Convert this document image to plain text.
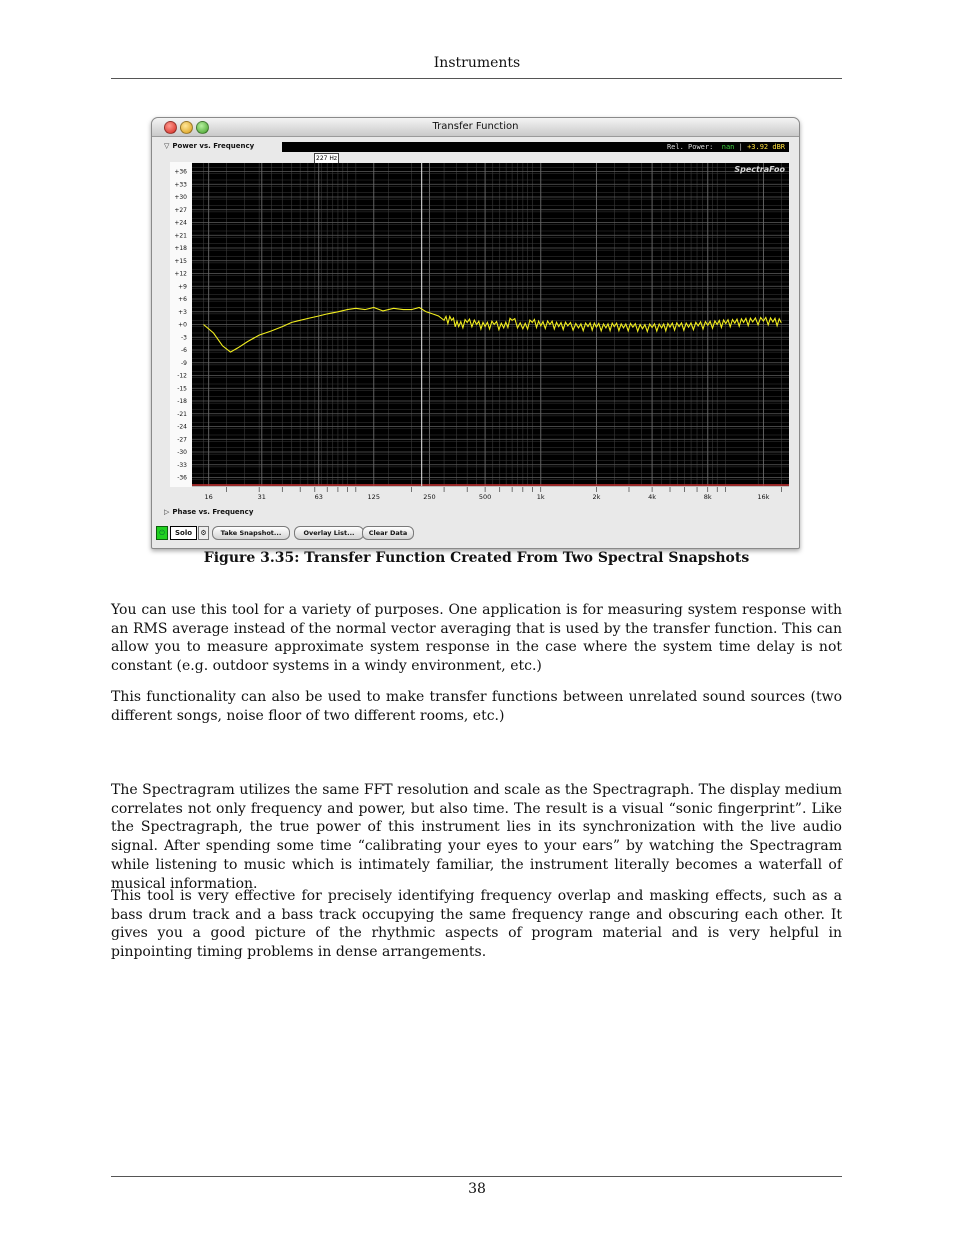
Instruments
Transfer Function
▽ Power vs. Frequency	Rel. Power: nan | +3.92 dBR
227 Hz
+36
+33
+30
+27
+24
+21
+18
+15
+12
+9
+6
+3
+0
-3
-6
-9
-12
-15
-18
-21
-24
-27
-30
-33
-36
16	31	63	125	250	500	1k	2k	4k	8k	16k
SpectraFoo
▷ Phase vs. Frequency
⏻	Solo	⚙	Take Snapshot...	Overlay List...	Clear Data
Figure 3.35: Transfer Function Created From Two Spectral Snapshots

You can use this tool for a variety of purposes. One application is for measuring system response with an RMS average instead of the normal vector averaging that is used by the transfer function. This can allow you to measure approximate system response in the case where the system time delay is not constant (e.g. outdoor systems in a windy environment, etc.)

This functionality can also be used to make transfer functions between unrelated sound sources (two different songs, noise floor of two different rooms, etc.)

The Spectragram utilizes the same FFT resolution and scale as the Spectragraph. The display medium correlates not only frequency and power, but also time. The result is a visual “sonic fingerprint”. Like the Spectragraph, the true power of this instrument lies in its synchronization with the live audio signal. After spending some time “calibrating your eyes to your ears” by watching the Spectragram while listening to music which is intimately familiar, the instrument literally becomes a waterfall of musical information.

This tool is very effective for precisely identifying frequency overlap and masking effects, such as a bass drum track and a bass track occupying the same frequency range and obscuring each other. It gives you a good picture of the rhythmic aspects of program material and is very helpful in pinpointing timing problems in dense arrangements.

38
